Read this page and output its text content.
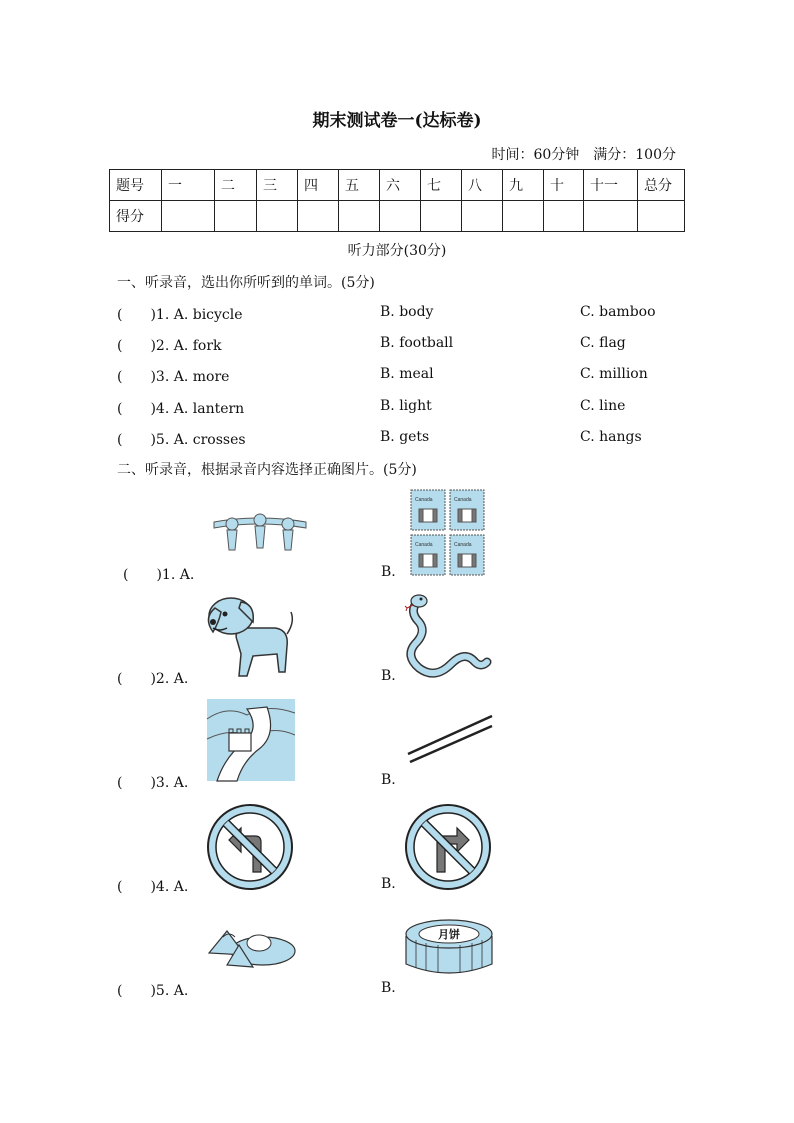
期末测试卷一(达标卷)
时间：60分钟　满分：100分
题号	一	二	三	四	五	六	七	八	九	十	十一	总分
得分												
听力部分(30分)
一、听录音，选出你所听到的单词。(5分)
(　　)1. A. bicycle	B. body	C. bamboo
(　　)2. A. fork	B. football	C. flag
(　　)3. A. more	B. meal	C. million
(　　)4. A. lantern	B. light	C. line
(　　)5. A. crosses	B. gets	C. hangs
二、听录音，根据录音内容选择正确图片。(5分)
(　　)1. A.	B.
Canada	Canada
Canada	Canada
(　　)2. A.	B.
(　　)3. A.	B.
(　　)4. A.	B.
(　　)5. A.	B.
月饼
